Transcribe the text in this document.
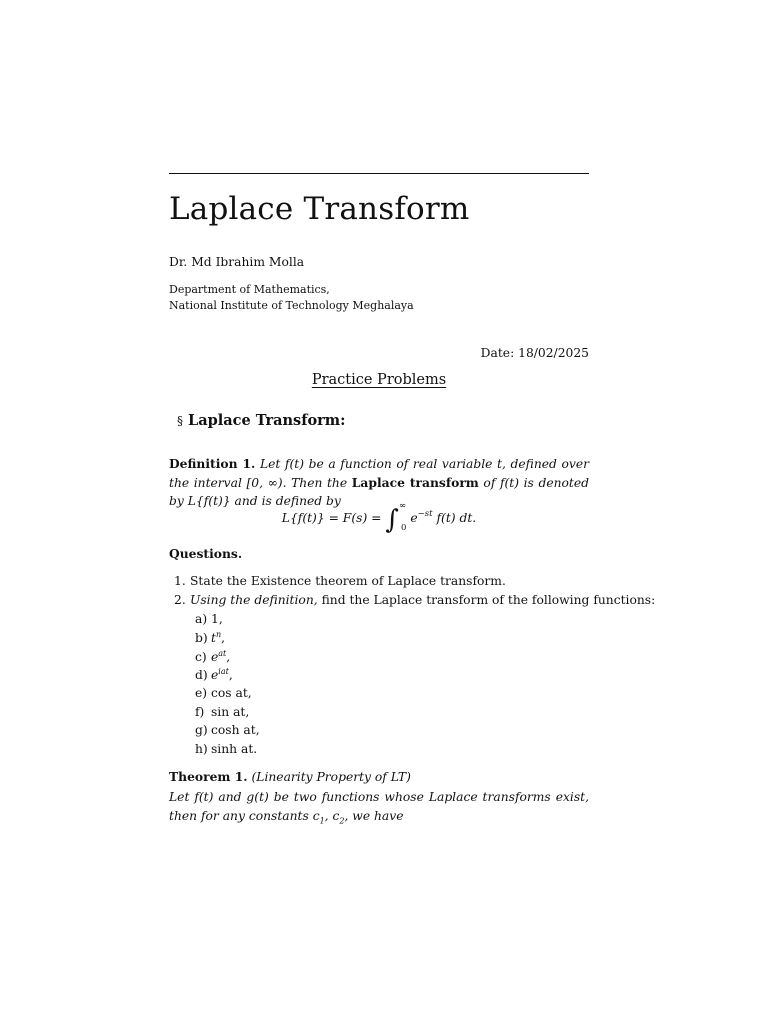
Laplace Transform
Dr. Md Ibrahim Molla
Department of Mathematics,
National Institute of Technology Meghalaya
Date: 18/02/2025
Practice Problems
§ Laplace Transform:
Definition 1. Let f(t) be a function of real variable t, defined over the interval [0, ∞). Then the Laplace transform of f(t) is denoted by L{f(t)} and is defined by
$L\{f(t)\} = F(s) = \int^\infty_0$ $e^{-st}$ f(t) dt.
Questions.
1. State the Existence theorem of Laplace transform.
2. Using the definition, find the Laplace transform of the following functions:
a) 1,
b) $t^n$,
c) $e^{at}$,
d) $e^{iat}$,
e) cos at,
f) sin at,
g) cosh at,
h) sinh at.
Theorem 1. (Linearity Property of LT)
Let f(t) and g(t) be two functions whose Laplace transforms exist, then for any constants $c_1$, $c_2$, we have
